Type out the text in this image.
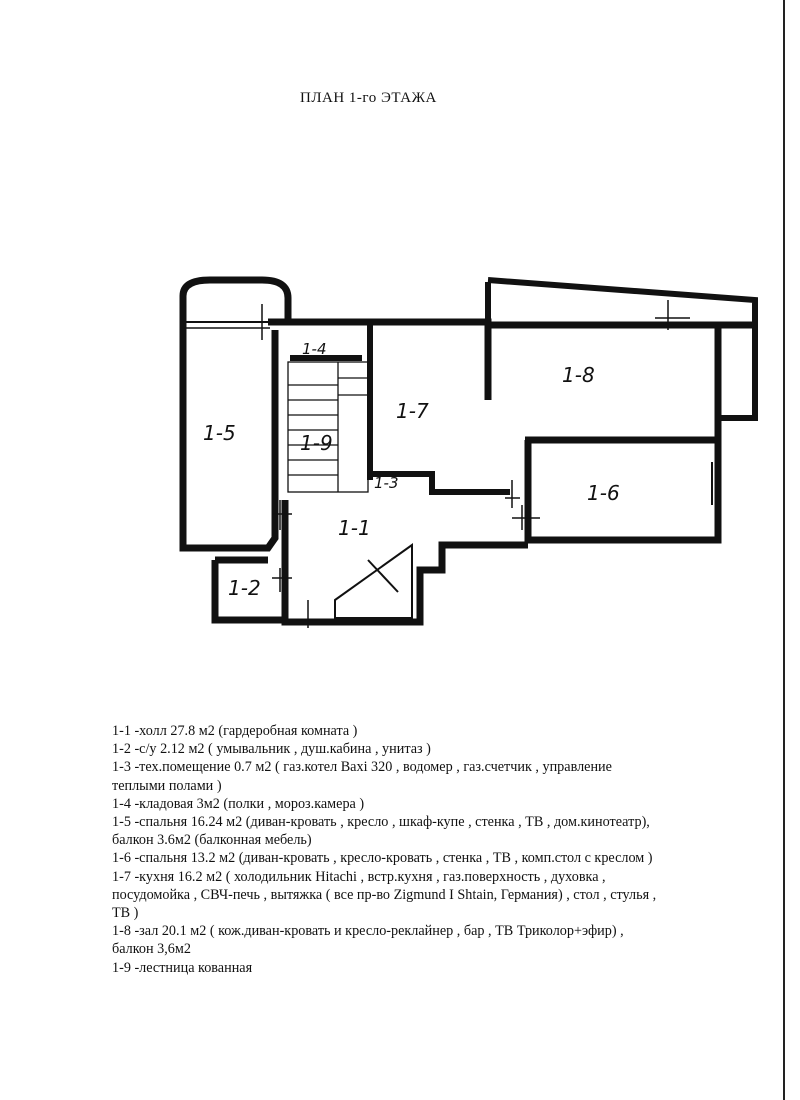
ПЛАН 1-го ЭТАЖА
1-5
1-4
1-9
1-7
1-8
1-6
1-3
1-1
1-2

1-1 -холл 27.8 м2 (гардеробная комната )

1-2 -с/у 2.12 м2 ( умывальник , душ.кабина , унитаз )

1-3 -тех.помещение 0.7 м2 ( газ.котел Baxi 320 , водомер , газ.счетчик , управление

теплыми полами )

1-4 -кладовая 3м2 (полки , мороз.камера )

1-5 -спальня 16.24 м2 (диван-кровать , кресло , шкаф-купе , стенка , ТВ , дом.кинотеатр),

балкон 3.6м2 (балконная мебель)

1-6 -спальня 13.2 м2 (диван-кровать , кресло-кровать , стенка , ТВ , комп.стол с креслом )

1-7 -кухня 16.2 м2 ( холодильник Hitachi , встр.кухня , газ.поверхность , духовка ,

посудомойка , СВЧ-печь , вытяжка ( все пр-во Zigmund I Shtain, Германия) , стол , стулья ,

ТВ )

1-8 -зал 20.1 м2 ( кож.диван-кровать и кресло-реклайнер , бар , ТВ Триколор+эфир) ,

балкон 3,6м2

1-9 -лестница кованная
